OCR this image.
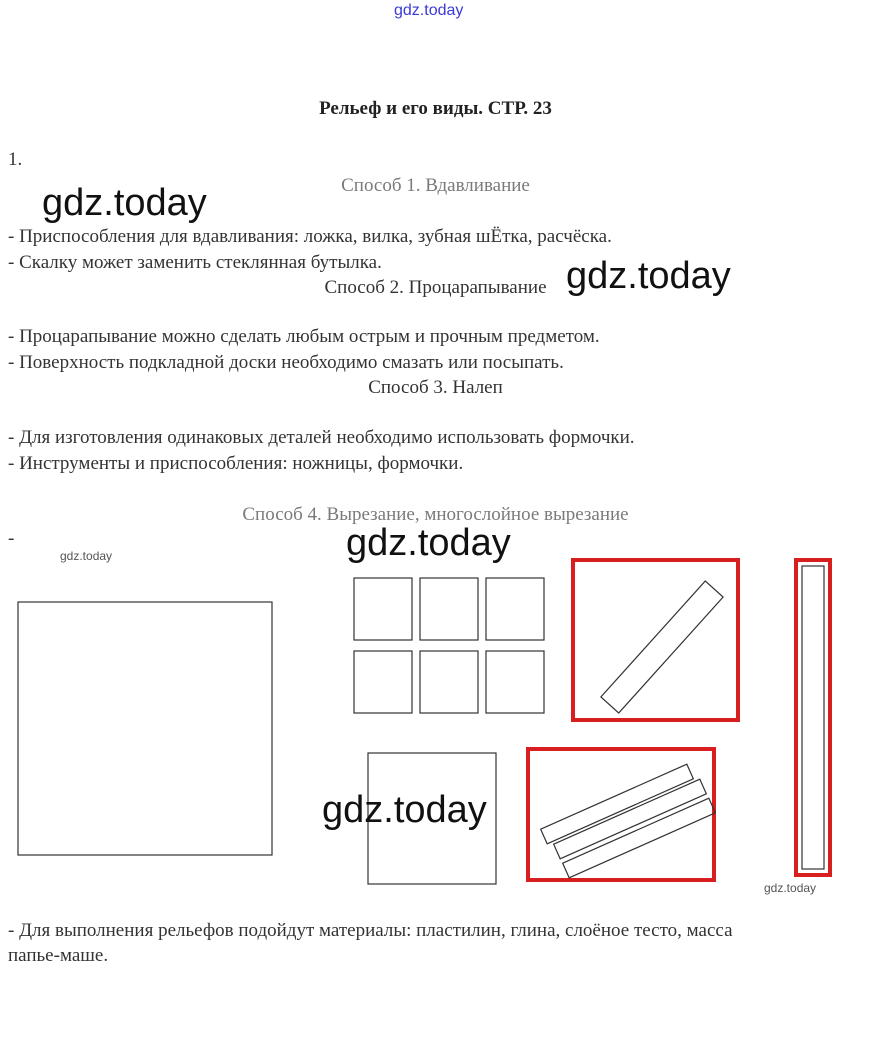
gdz.today
Рельеф и его виды. СТР. 23
1.
Способ 1. Вдавливание
- Приспособления для вдавливания: ложка, вилка, зубная шЁтка, расчёска.
- Скалку может заменить стеклянная бутылка.
Способ 2. Процарапывание
- Процарапывание можно сделать любым острым и прочным предметом.
- Поверхность подкладной доски необходимо смазать или посыпать.
Способ 3. Налеп
- Для изготовления одинаковых деталей необходимо использовать формочки.
- Инструменты и приспособления: ножницы, формочки.
Способ 4. Вырезание, многослойное вырезание
-
gdz.today
gdz.today
gdz.today
gdz.today
gdz.today
gdz.today
- Для выполнения рельефов подойдут материалы: пластилин, глина, слоёное тесто, масса
папье-маше.
